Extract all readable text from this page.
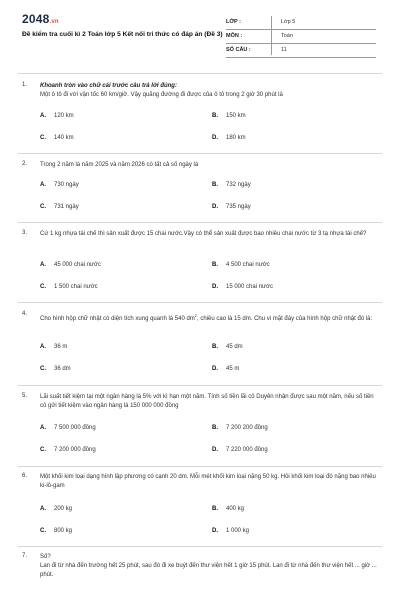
2048.vn
Đề kiểm tra cuối kì 2 Toán lớp 5 Kết nối tri thức có đáp án (Đề 3)
LỚP :	Lớp 5
MÔN :	Toán
SỐ CÂU :	11
1. Khoanh tròn vào chữ cái trước câu trả lời đúng:
Một ô tô đi với vận tốc 60 km/giờ. Vậy quãng đường đi được của ô tô trong 2 giờ 30 phút là
A. 120 km	B. 150 km
C. 140 km	D. 180 km
2. Trong 2 năm là năm 2025 và năm 2026 có tất cả số ngày là
A. 730 ngày	B. 732 ngày
C. 731 ngày	D. 735 ngày
3. Cứ 1 kg nhựa tái chế thì sản xuất được 15 chai nước.Vậy có thể sản xuất được bao nhiêu chai nước từ 3 tạ nhựa tái chế?
A. 45 000 chai nước	B. 4 500 chai nước
C. 1 500 chai nước	D. 15 000 chai nước
4.
Cho hình hộp chữ nhật có diện tích xung quanh là 540 $dm^2$, chiều cao là 15 dm. Chu vi mặt đáy của hình hộp chữ nhật đó là:
A. 36 m	B. 45 dm
C. 36 dm	D. 45 m
5. Lãi suất tiết kiệm tại một ngân hàng là 5% với kì hạn một năm. Tính số tiền lãi cô Duyên nhận được sau một năm, nếu số tiền cô gửi tiết kiệm vào ngân hàng là 150 000 000 đồng
A. 7 500 000 đồng	B. 7 200 200 đồng
C. 7 200 000 đồng	D. 7 220 000 đồng
6. Một khối kim loại dạng hình lập phương có cạnh 20 dm. Mỗi mét khối kim loại nặng 50 kg. Hỏi khối kim loại đó nặng bao nhiêu ki-lô-gam
A. 200 kg	B. 400 kg
C. 800 kg	D. 1 000 kg
7. Số?
Lan đi từ nhà đến trường hết 25 phút, sau đó đi xe buýt đến thư viện hết 1 giờ 15 phút. Lan đi từ nhà đến thư viện hết ... giờ ... phút.
